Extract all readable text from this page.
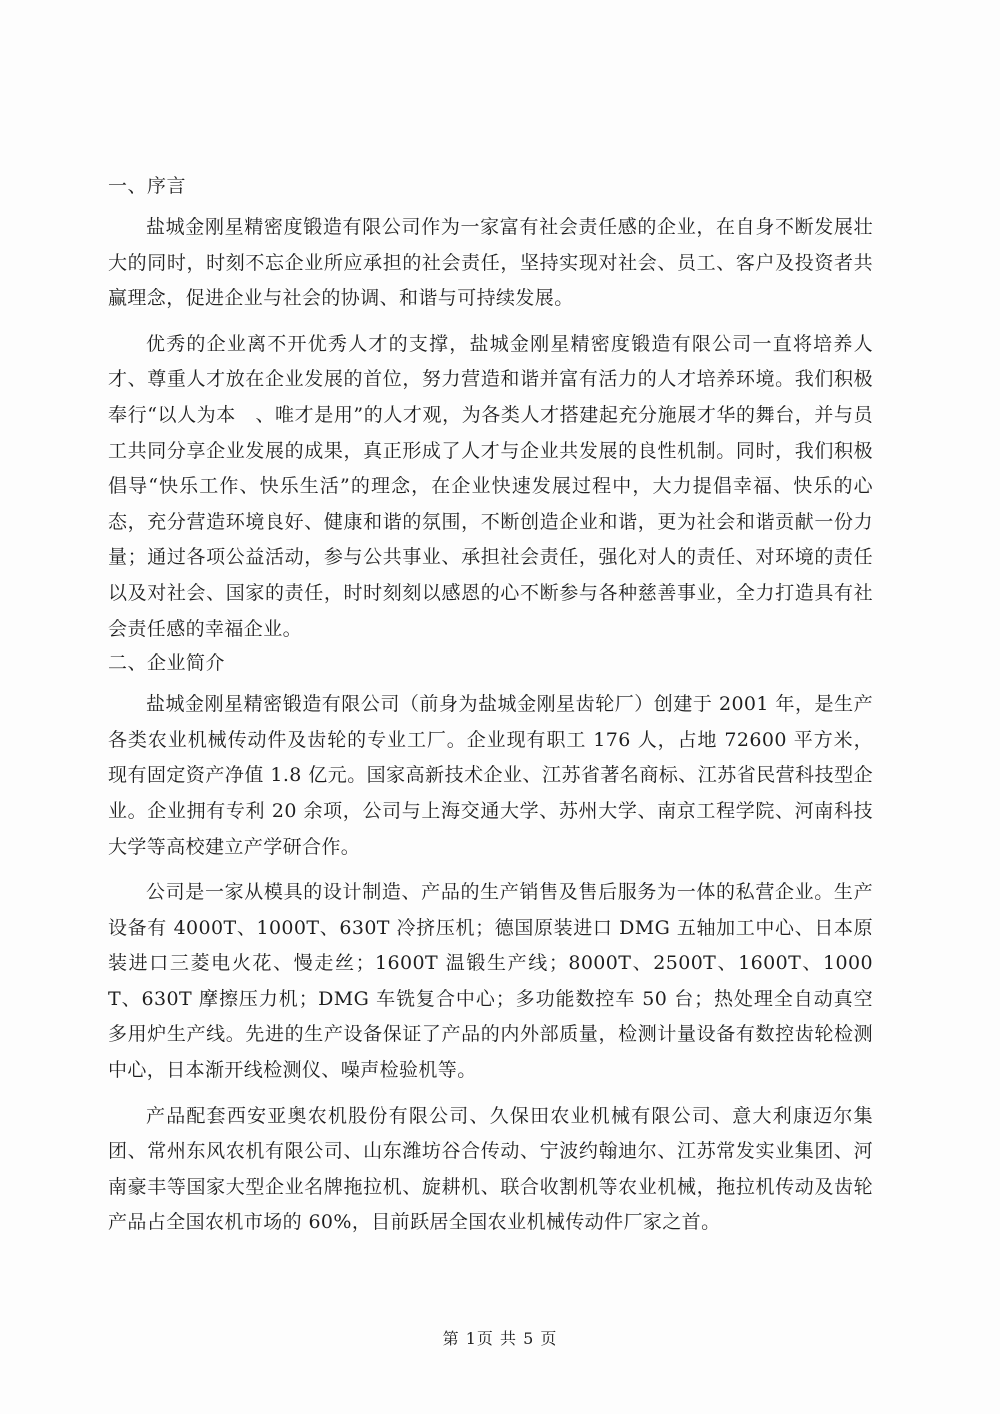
一、序言

盐城金刚星精密度锻造有限公司作为一家富有社会责任感的企业，在自身不断发展壮大的同时，时刻不忘企业所应承担的社会责任，坚持实现对社会、员工、客户及投资者共赢理念，促进企业与社会的协调、和谐与可持续发展。

优秀的企业离不开优秀人才的支撑，盐城金刚星精密度锻造有限公司一直将培养人才、尊重人才放在企业发展的首位，努力营造和谐并富有活力的人才培养环境。我们积极奉行“以人为本　、唯才是用”的人才观，为各类人才搭建起充分施展才华的舞台，并与员工共同分享企业发展的成果，真正形成了人才与企业共发展的良性机制。同时，我们积极倡导“快乐工作、快乐生活”的理念，在企业快速发展过程中，大力提倡幸福、快乐的心态，充分营造环境良好、健康和谐的氛围，不断创造企业和谐，更为社会和谐贡献一份力量；通过各项公益活动，参与公共事业、承担社会责任，强化对人的责任、对环境的责任以及对社会、国家的责任，时时刻刻以感恩的心不断参与各种慈善事业，全力打造具有社会责任感的幸福企业。

二、企业简介

盐城金刚星精密锻造有限公司（前身为盐城金刚星齿轮厂）创建于 2001 年，是生产各类农业机械传动件及齿轮的专业工厂。企业现有职工 176 人，占地 72600 平方米，现有固定资产净值 1.8 亿元。国家高新技术企业、江苏省著名商标、江苏省民营科技型企业。企业拥有专利 20 余项，公司与上海交通大学、苏州大学、南京工程学院、河南科技大学等高校建立产学研合作。

公司是一家从模具的设计制造、产品的生产销售及售后服务为一体的私营企业。生产设备有 4000T、1000T、630T 冷挤压机；德国原装进口 DMG 五轴加工中心、日本原装进口三菱电火花、慢走丝；1600T 温锻生产线；8000T、2500T、1600T、1000T、630T 摩擦压力机；DMG 车铣复合中心；多功能数控车 50 台；热处理全自动真空多用炉生产线。先进的生产设备保证了产品的内外部质量，检测计量设备有数控齿轮检测中心，日本渐开线检测仪、噪声检验机等。

产品配套西安亚奥农机股份有限公司、久保田农业机械有限公司、意大利康迈尔集团、常州东风农机有限公司、山东潍坊谷合传动、宁波约翰迪尔、江苏常发实业集团、河南豪丰等国家大型企业名牌拖拉机、旋耕机、联合收割机等农业机械，拖拉机传动及齿轮产品占全国农机市场的 60%，目前跃居全国农业机械传动件厂家之首。

第 1页 共 5 页
